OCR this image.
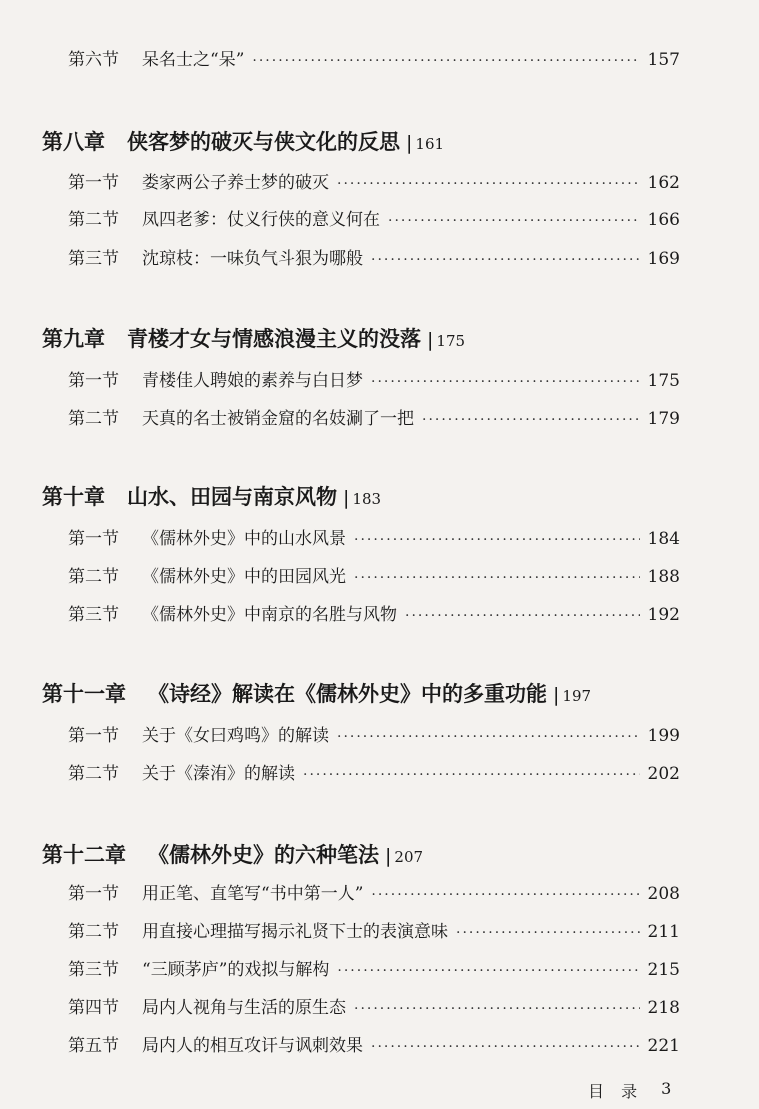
第六节	呆名士之“呆” ·····	157
第八章 侠客梦的破灭与侠文化的反思 | 161
第一节	娄家两公子养士梦的破灭 ·····	162
第二节	凤四老爹：仗义行侠的意义何在 ·····	166
第三节	沈琼枝：一味负气斗狠为哪般 ·····	169
第九章 青楼才女与情感浪漫主义的没落 | 175
第一节	青楼佳人聘娘的素养与白日梦 ·····	175
第二节	天真的名士被销金窟的名妓涮了一把 ·····	179
第十章 山水、田园与南京风物 | 183
第一节	《儒林外史》中的山水风景 ·····	184
第二节	《儒林外史》中的田园风光 ·····	188
第三节	《儒林外史》中南京的名胜与风物 ·····	192
第十一章 《诗经》解读在《儒林外史》中的多重功能 | 197
第一节	关于《女曰鸡鸣》的解读 ·····	199
第二节	关于《溱洧》的解读 ·····	202
第十二章 《儒林外史》的六种笔法 | 207
第一节	用正笔、直笔写“书中第一人” ·····	208
第二节	用直接心理描写揭示礼贤下士的表演意味 ·····	211
第三节	“三顾茅庐”的戏拟与解构 ·····	215
第四节	局内人视角与生活的原生态 ·····	218
第五节	局内人的相互攻讦与讽刺效果 ·····	221
目 录 3
